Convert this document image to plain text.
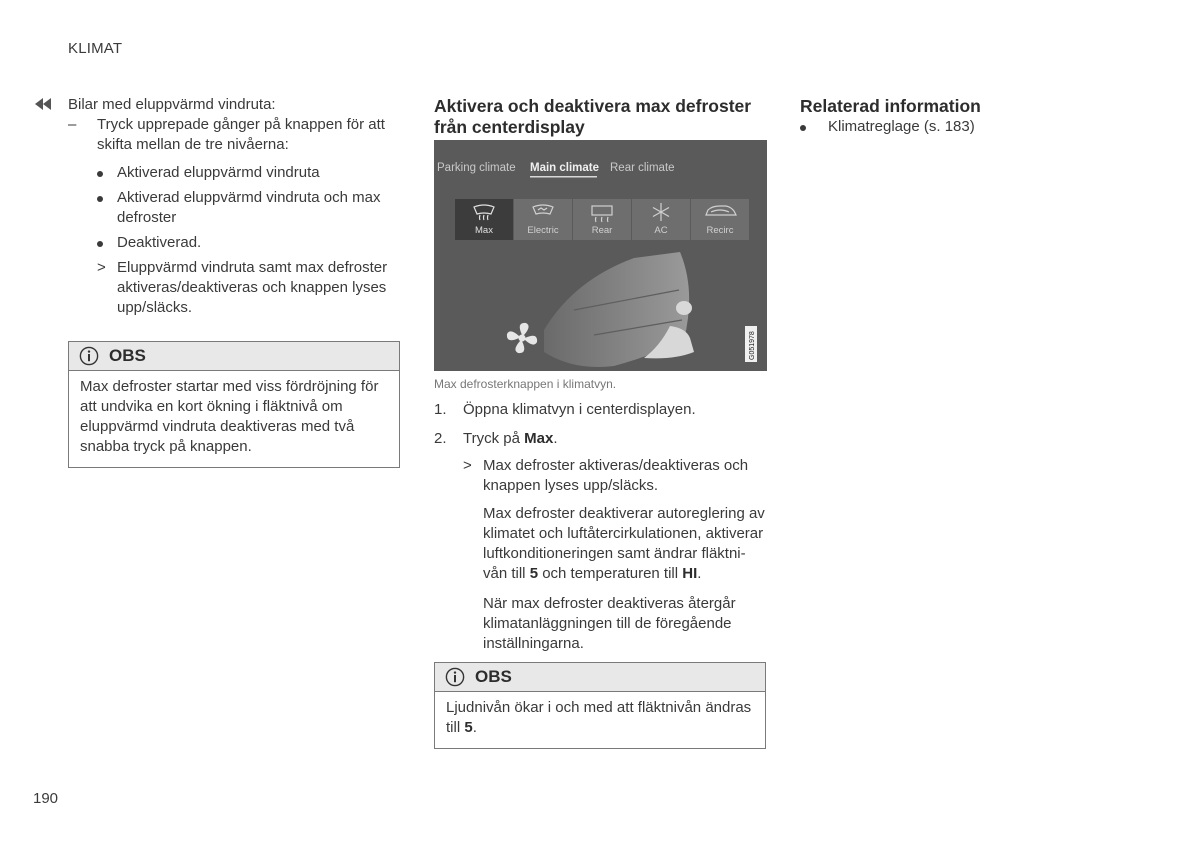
KLIMAT
190

Bilar med eluppvärmd vindruta:

–	Tryck upprepade gånger på knappen för att skifta mellan de tre nivåerna:
Aktiverad eluppvärmd vindruta
Aktiverad eluppvärmd vindruta och max defroster
Deaktiverad.
> Eluppvärmd vindruta samt max defroster aktiveras/deaktiveras och knappen lyses upp/släcks.
OBS
Max defroster startar med viss fördröjning för att undvika en kort ökning i fläktnivå om eluppvärmd vindruta deaktiveras med två snabba tryck på knappen.
Aktivera och deaktivera max defroster från centerdisplay
Parking climate Main climate Rear climate
Max	Electric	Rear	AC	Recirc
G051978
Max defrosterknappen i klimatvyn.
1.	Öppna klimatvyn i centerdisplayen.
2.	Tryck på Max.
> Max defroster aktiveras/deaktiveras och knappen lyses upp/släcks.

Max defroster deaktiverar autoreglering av klimatet och luftåtercirkulationen, aktiverar luftkonditioneringen samt ändrar fläktni-vån till 5 och temperaturen till HI.

När max defroster deaktiveras återgår klimatanläggningen till de föregående inställningarna.

OBS
Ljudnivån ökar i och med att fläktnivån ändras till 5.
Relaterad information
Klimatreglage (s. 183)
